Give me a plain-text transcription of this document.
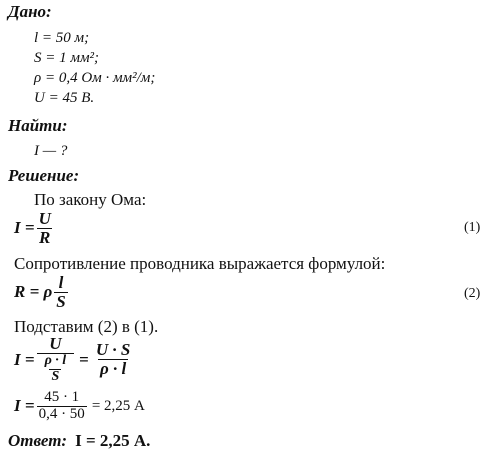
Дано:
l = 50 м;
S = 1 мм²;
ρ = 0,4 Ом · мм²/м;
U = 45 В.
Найти:
I — ?
Решение:
По закону Ома:
$I = \frac{U}{R}$	(1)
Сопротивление проводника выражается формулой:
R = ρ $\frac{l}{S}$	(2)
Подставим (2) в (1).
$I = \frac{U}{\frac{\rho \cdot l}{S}} = \frac{U \cdot S}{\rho \cdot l}$
$I = \frac{45 \cdot 1}{0,4 \cdot 50} = 2,25$ А
Ответ: I = 2,25 А.
